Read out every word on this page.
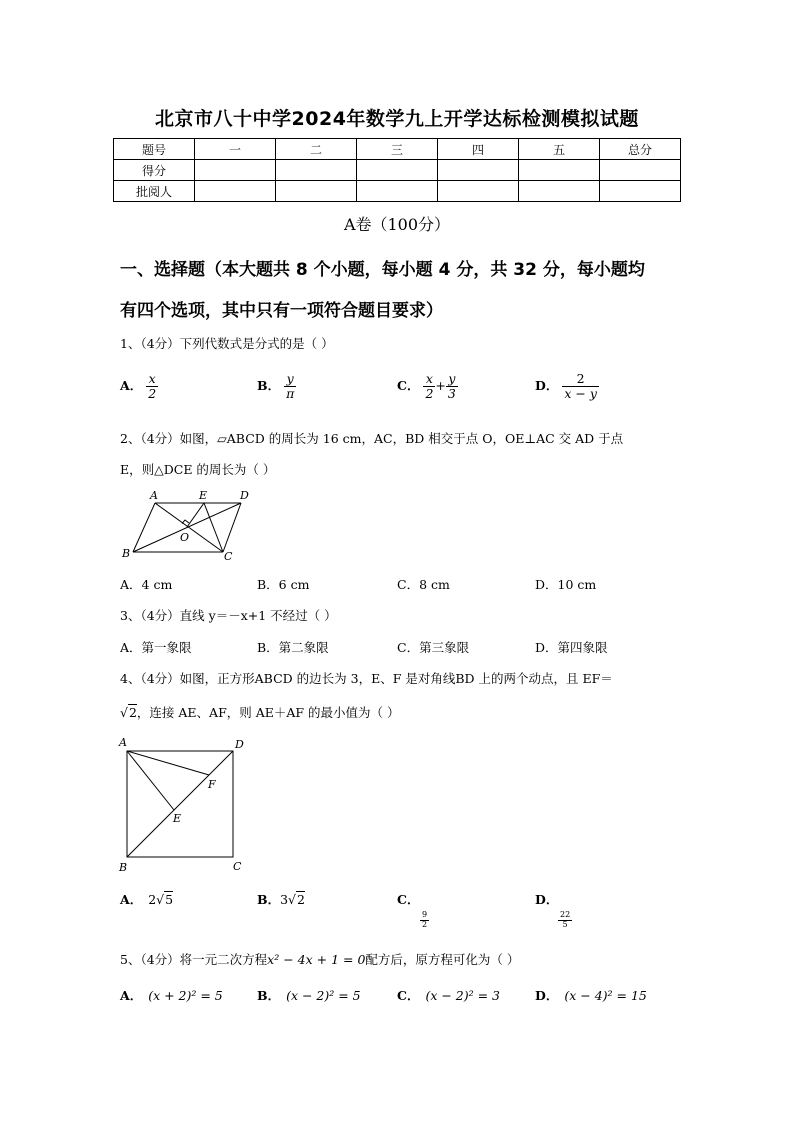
北京市八十中学2024年数学九上开学达标检测模拟试题
题号	一	二	三	四	五	总分
得分						
批阅人						
A卷（100分）
一、选择题（本大题共 8 个小题，每小题 4 分，共 32 分，每小题均
有四个选项，其中只有一项符合题目要求）
1、（4分）下列代数式是分式的是（ ）
A． $\frac{x}{2}$	B． $\frac{y}{\pi}$	C． $\frac{x}{2} + \frac{y}{3}$	D． $\frac{2}{x - y}$
2、（4分）如图，▱ABCD 的周长为 16 cm，AC，BD 相交于点 O，OE⊥AC 交 AD 于点
E，则△DCE 的周长为（ ）
A	E	D
O
B	C
A．4 cm	B．6 cm	C．8 cm	D．10 cm
3、（4分）直线 y＝－x+1 不经过（ ）
A．第一象限	B．第二象限	C．第三象限	D．第四象限
4、（4分）如图，正方形ABCD 的边长为 3，E、F 是对角线BD 上的两个动点，且 EF＝
√2，连接 AE、AF，则 AE＋AF 的最小值为（ ）
A	D
F
E
B	C
A． 2√5	B．3√2	C．
$\frac{9}{2}$
D．
$\frac{22}{5}$
5、（4分）将一元二次方程x² − 4x + 1 = 0配方后，原方程可化为（ ）
A． (x + 2)² = 5	B． (x − 2)² = 5	C． (x − 2)² = 3	D． (x − 4)² = 15
